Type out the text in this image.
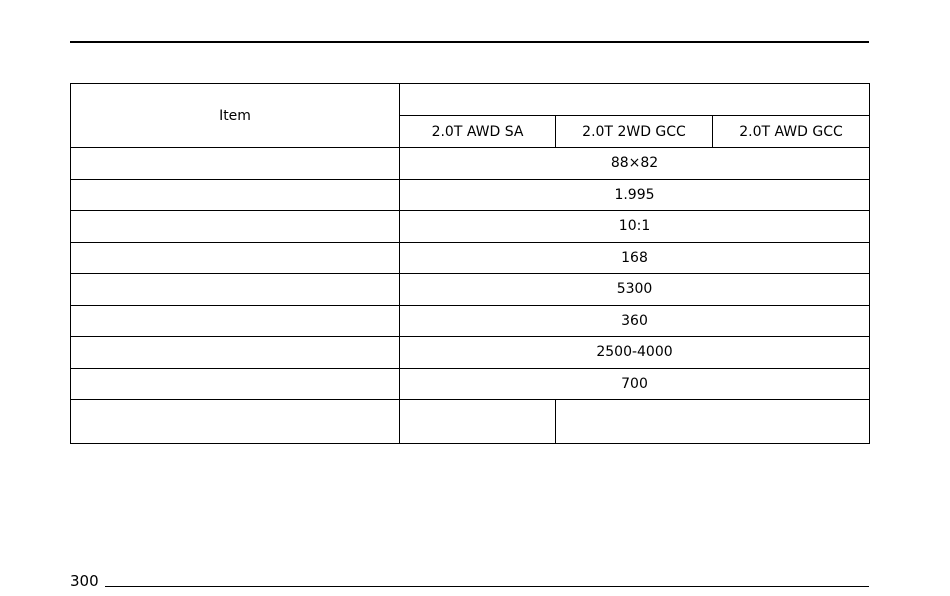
Item			
	2.0T AWD SA	2.0T 2WD GCC	2.0T AWD GCC
	88×82		
	1.995		
	10:1		
	168		
	5300		
	360		
	2500-4000		
	700		

300
